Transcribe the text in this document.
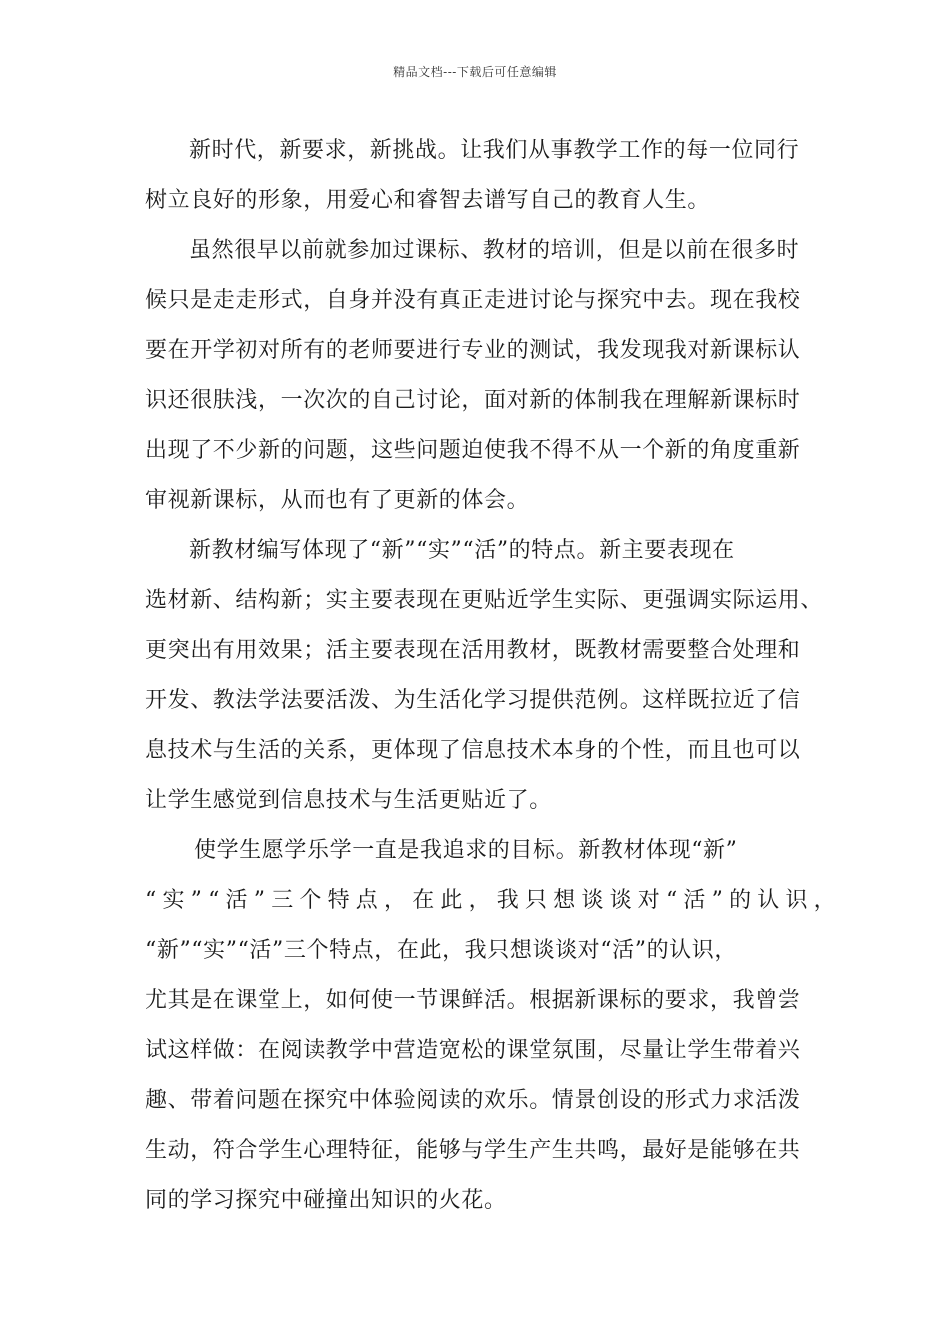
精品文档---下载后可任意编辑
新时代，新要求，新挑战。让我们从事教学工作的每一位同行
树立良好的形象，用爱心和睿智去谱写自己的教育人生。
虽然很早以前就参加过课标、教材的培训，但是以前在很多时
候只是走走形式，自身并没有真正走进讨论与探究中去。现在我校
要在开学初对所有的老师要进行专业的测试，我发现我对新课标认
识还很肤浅，一次次的自己讨论，面对新的体制我在理解新课标时
出现了不少新的问题，这些问题迫使我不得不从一个新的角度重新
审视新课标，从而也有了更新的体会。
新教材编写体现了“新”“实”“活”的特点。新主要表现在
选材新、结构新；实主要表现在更贴近学生实际、更强调实际运用、
更突出有用效果；活主要表现在活用教材，既教材需要整合处理和
开发、教法学法要活泼、为生活化学习提供范例。这样既拉近了信
息技术与生活的关系，更体现了信息技术本身的个性，而且也可以
让学生感觉到信息技术与生活更贴近了。
使学生愿学乐学一直是我追求的目标。新教材体现“新”
“实”“活”三个特点，在此，我只想谈谈对“活”的认识，
“新”“实”“活”三个特点，在此，我只想谈谈对“活”的认识，
尤其是在课堂上，如何使一节课鲜活。根据新课标的要求，我曾尝
试这样做：在阅读教学中营造宽松的课堂氛围，尽量让学生带着兴
趣、带着问题在探究中体验阅读的欢乐。情景创设的形式力求活泼
生动，符合学生心理特征，能够与学生产生共鸣，最好是能够在共
同的学习探究中碰撞出知识的火花。
